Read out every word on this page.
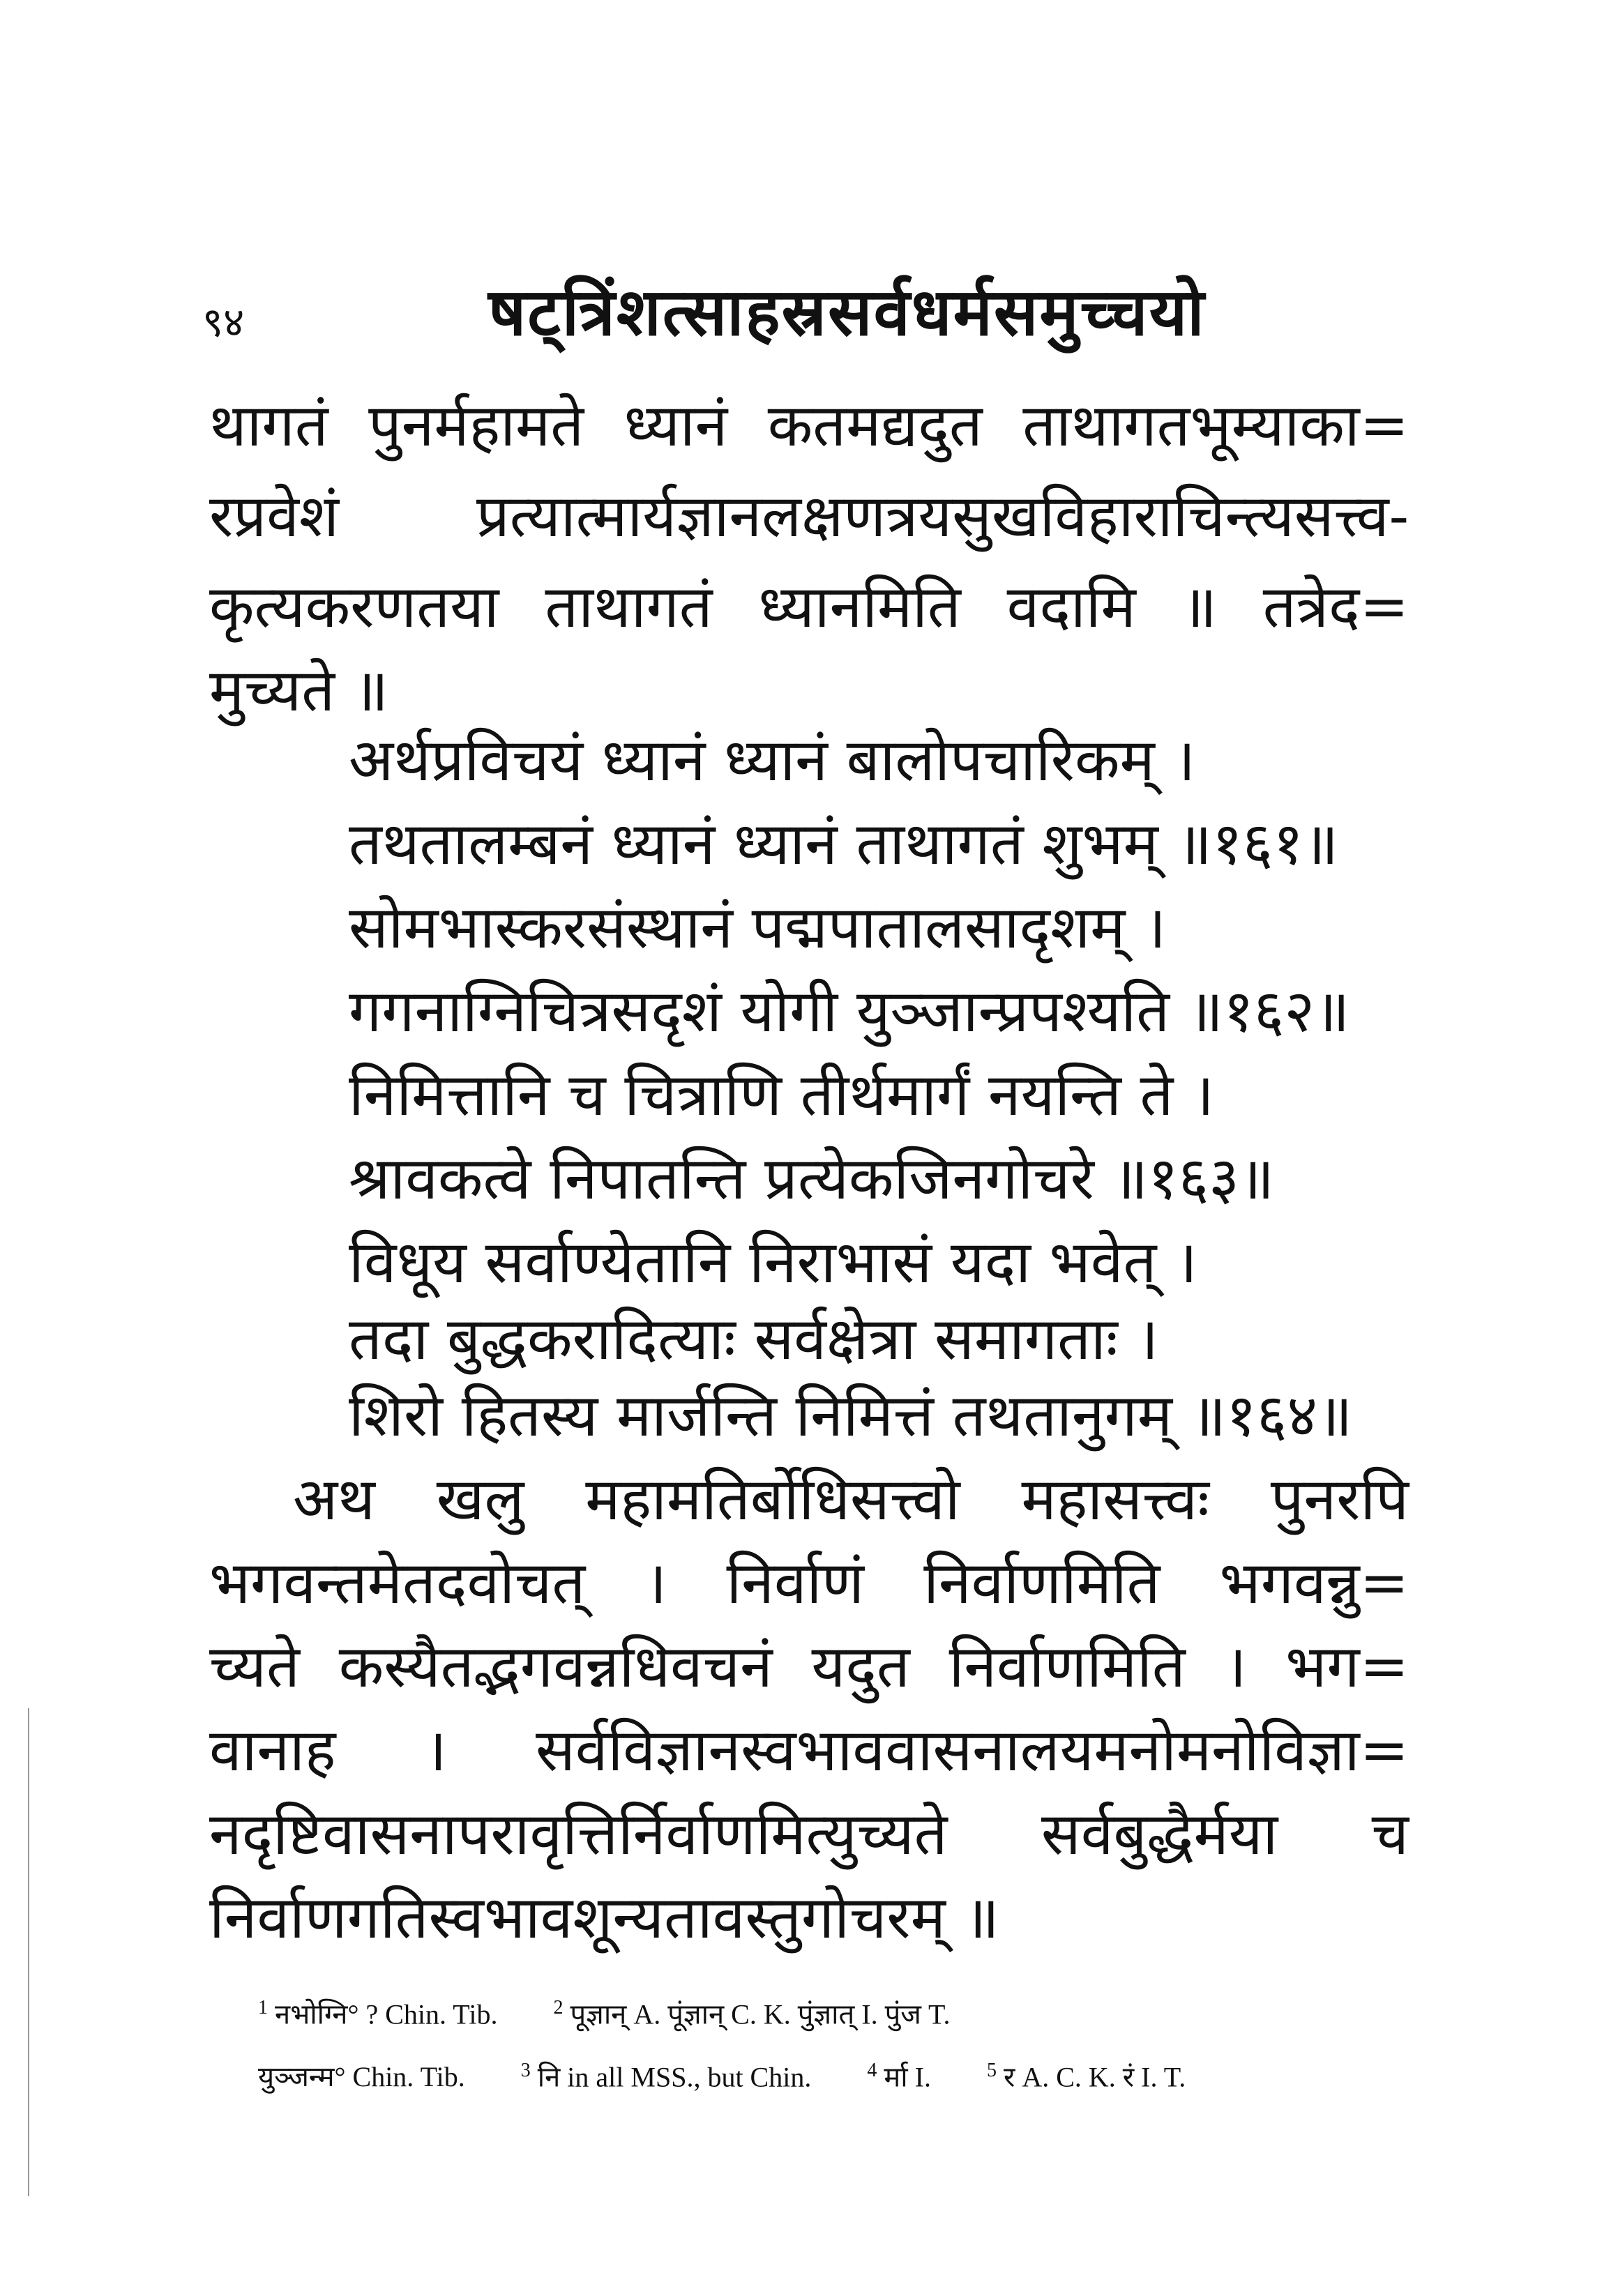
९४	षट्त्रिंशत्साहस्रसर्वधर्मसमुच्चयो
थागतं पुनर्महामते ध्यानं कतमद्यदुत ताथागतभूम्याका=
रप्रवेशं प्रत्यात्मार्यज्ञानलक्षणत्रयसुखविहाराचिन्त्यसत्त्व-
कृत्यकरणतया ताथागतं ध्यानमिति वदामि ॥ तत्रेद=
मुच्यते ॥
अर्थप्रविचयं ध्यानं ध्यानं बालोपचारिकम् ।
तथतालम्बनं ध्यानं ध्यानं ताथागतं शुभम् ॥१६१॥
सोमभास्करसंस्थानं पद्मपातालसादृशम् ।
गगनाग्निचित्रसदृशं योगी युञ्जान्प्रपश्यति ॥१६२॥
निमित्तानि च चित्राणि तीर्थमार्गं नयन्ति ते ।
श्रावकत्वे निपातन्ति प्रत्येकजिनगोचरे ॥१६३॥
विधूय सर्वाण्येतानि निराभासं यदा भवेत् ।
तदा बुद्धकरादित्याः सर्वक्षेत्रा समागताः ।
शिरो हितस्य मार्जन्ति निमित्तं तथतानुगम् ॥१६४॥
अथ खलु महामतिर्बोधिसत्त्वो महासत्त्वः पुनरपि
भगवन्तमेतदवोचत् । निर्वाणं निर्वाणमिति भगवन्नु=
च्यते कस्यैतद्भगवन्नधिवचनं यदुत निर्वाणमिति । भग=
वानाह । सर्वविज्ञानस्वभाववासनालयमनोमनोविज्ञा=
नदृष्टिवासनापरावृत्तिर्निर्वाणमित्युच्यते सर्वबुद्धैर्मया च
निर्वाणगतिस्वभावशून्यतावस्तुगोचरम् ॥
$^1$ नभोग्नि° ? Chin. Tib.	$^2$ पूज्ञान् A. पूंज्ञान् C. K. पुंज्ञात् I. पुंज T.
युञ्जन्म° Chin. Tib.	$^3$ नि in all MSS., but Chin.	$^4$ र्मा I.	$^5$ र A. C. K. रं I. T.
